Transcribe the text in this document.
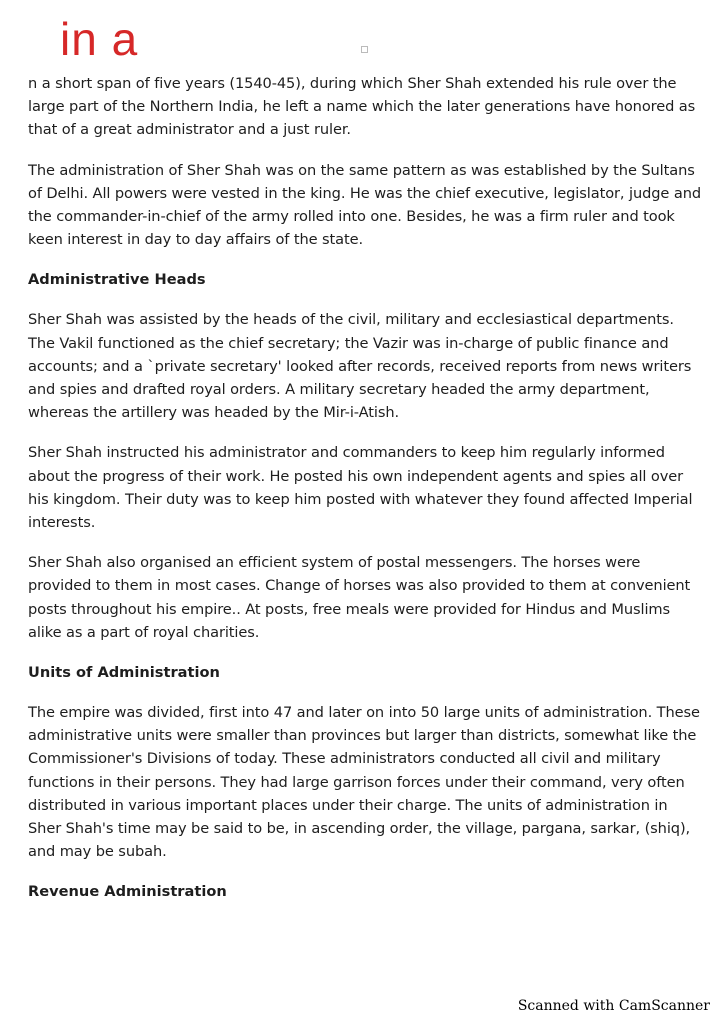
in a

n a short span of five years (1540-45), during which Sher Shah extended his rule over the large part of the Northern India, he left a name which the later generations have honored as that of a great administrator and a just ruler.

The administration of Sher Shah was on the same pattern as was established by the Sultans of Delhi. All powers were vested in the king. He was the chief executive, legislator, judge and the commander-in-chief of the army rolled into one. Besides, he was a firm ruler and took keen interest in day to day affairs of the state.

Administrative Heads

Sher Shah was assisted by the heads of the civil, military and ecclesiastical departments. The Vakil functioned as the chief secretary; the Vazir was in-charge of public finance and accounts; and a `private secretary' looked after records, received reports from news writers and spies and drafted royal orders. A military secretary headed the army department, whereas the artillery was headed by the Mir-i-Atish.

Sher Shah instructed his administrator and commanders to keep him regularly informed about the progress of their work. He posted his own independent agents and spies all over his kingdom. Their duty was to keep him posted with whatever they found affected Imperial interests.

Sher Shah also organised an efficient system of postal messengers. The horses were provided to them in most cases. Change of horses was also provided to them at convenient posts throughout his empire.. At posts, free meals were provided for Hindus and Muslims alike as a part of royal charities.

Units of Administration

The empire was divided, first into 47 and later on into 50 large units of administration. These administrative units were smaller than provinces but larger than districts, somewhat like the Commissioner's Divisions of today. These administrators conducted all civil and military functions in their persons. They had large garrison forces under their command, very often distributed in various important places under their charge. The units of administration in Sher Shah's time may be said to be, in ascending order, the village, pargana, sarkar, (shiq), and may be subah.

Revenue Administration
Scanned with CamScanner
